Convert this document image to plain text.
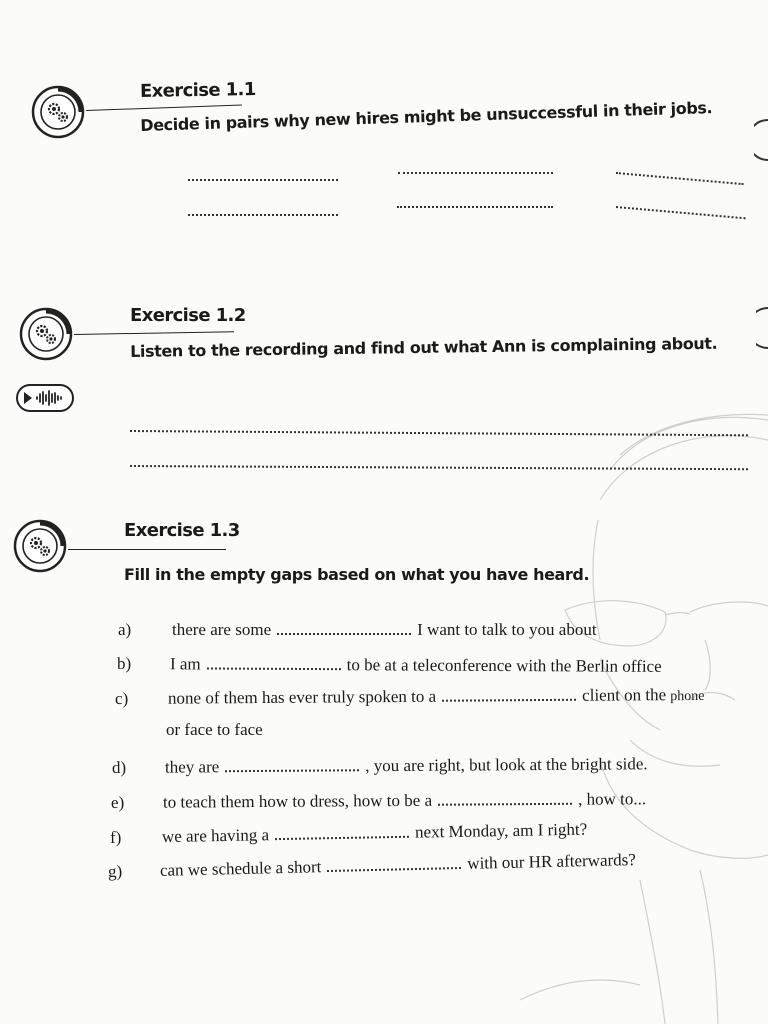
Exercise 1.1

Decide in pairs why new hires might be unsuccessful in their jobs.

Exercise 1.2

Listen to the recording and find out what Ann is complaining about.

Exercise 1.3

Fill in the empty gaps based on what you have heard.

a) there are some	I want to talk to you about
b) I am	to be at a teleconference with the Berlin office
c) none of them has ever truly spoken to a	client on the phone
or face to face
d) they are	, you are right, but look at the bright side.
e) to teach them how to dress, how to be a	, how to...
f) we are having a	next Monday, am I right?
g) can we schedule a short	with our HR afterwards?
